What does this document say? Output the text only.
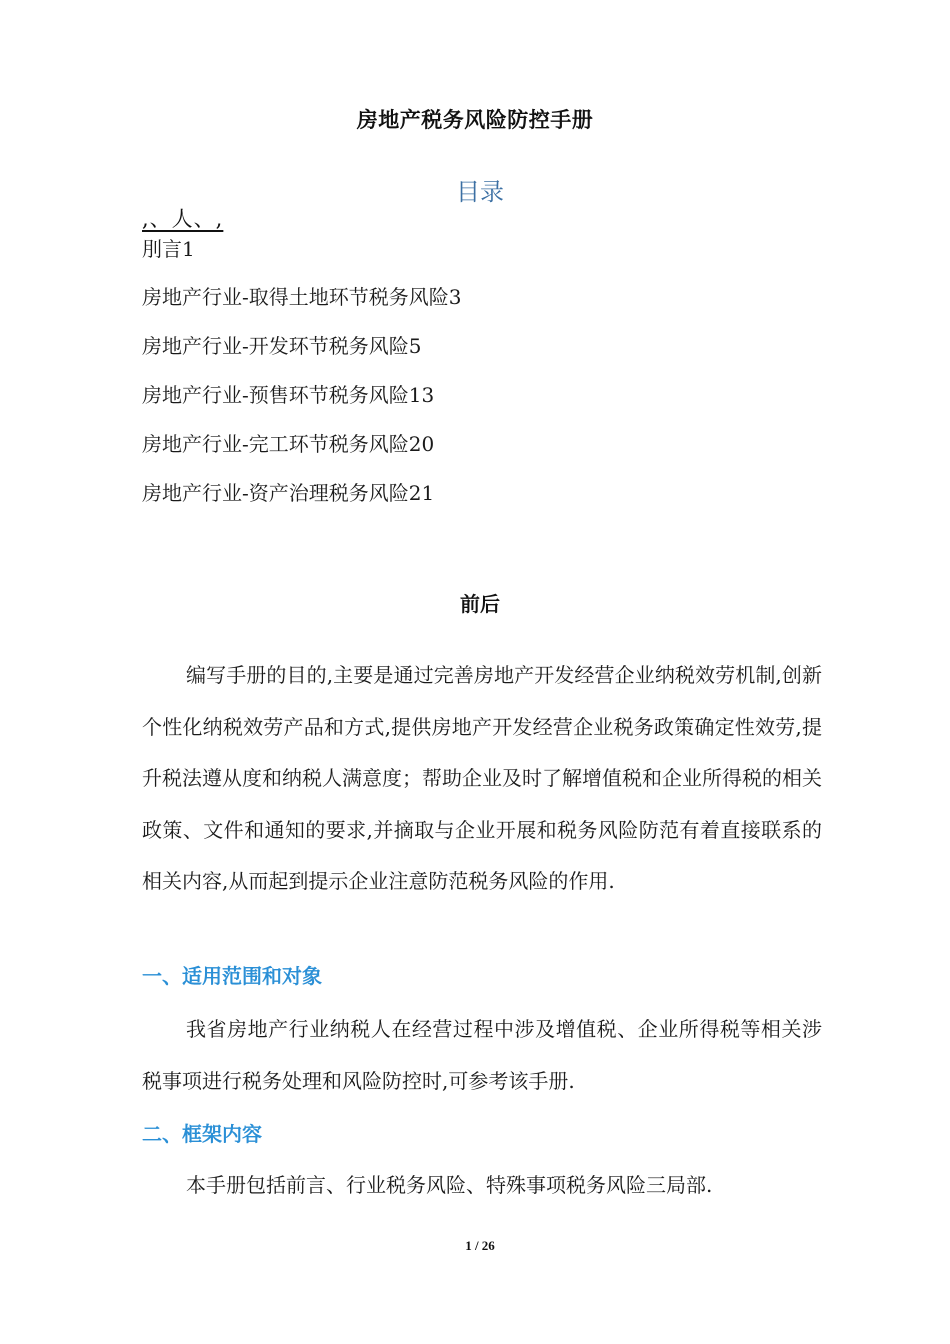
房地产税务风险防控手册
目录
,、人、,
刖言1
房地产行业-取得土地环节税务风险3
房地产行业-开发环节税务风险5
房地产行业-预售环节税务风险13
房地产行业-完工环节税务风险20
房地产行业-资产治理税务风险21
前后

编写手册的目的,主要是通过完善房地产开发经营企业纳税效劳机制,创新个性化纳税效劳产品和方式,提供房地产开发经营企业税务政策确定性效劳,提升税法遵从度和纳税人满意度；帮助企业及时了解增值税和企业所得税的相关政策、文件和通知的要求,并摘取与企业开展和税务风险防范有着直接联系的相关内容,从而起到提示企业注意防范税务风险的作用.

一、适用范围和对象

我省房地产行业纳税人在经营过程中涉及增值税、企业所得税等相关涉税事项进行税务处理和风险防控时,可参考该手册.

二、框架内容

本手册包括前言、行业税务风险、特殊事项税务风险三局部.

1 / 26
